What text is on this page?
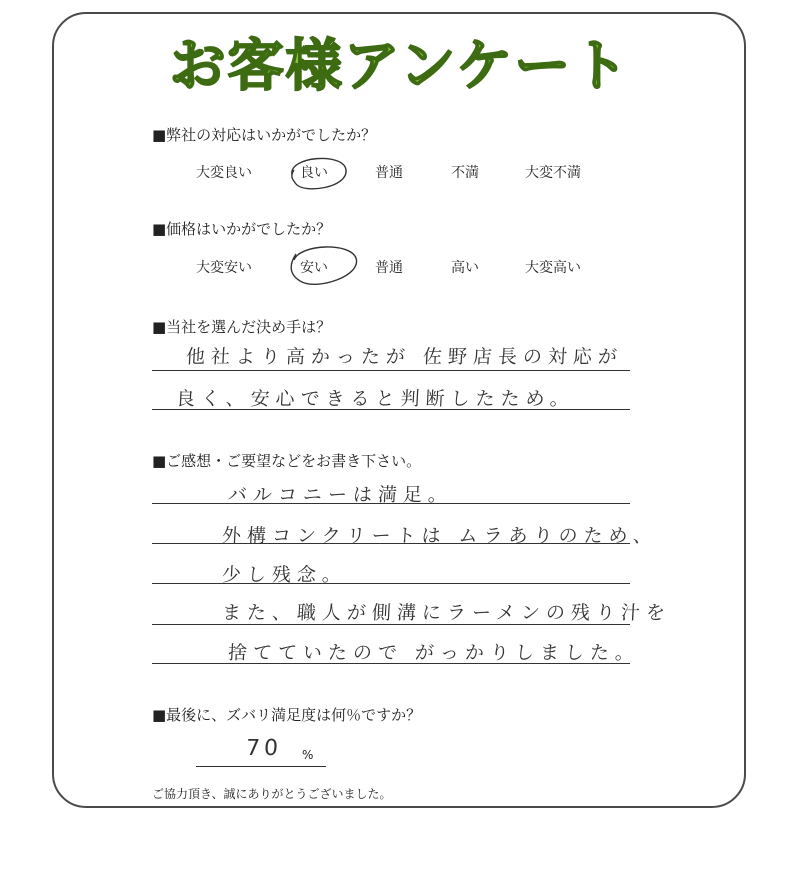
お客様アンケート
■弊社の対応はいかがでしたか？
大変良い	良い	普通	不満	大変不満
■価格はいかがでしたか？
大変安い	安い	普通	高い	大変高い
■当社を選んだ決め手は？
他社より高かったが 佐野店長の対応が
良く、安心できると判断したため。
■ご感想・ご要望などをお書き下さい。
バルコニーは満足。
外構コンクリートは ムラありのため、
少し残念。
また、職人が側溝にラーメンの残り汁を
捨てていたので がっかりしました。
■最後に、ズバリ満足度は何％ですか？
70 %
ご協力頂き、誠にありがとうございました。
